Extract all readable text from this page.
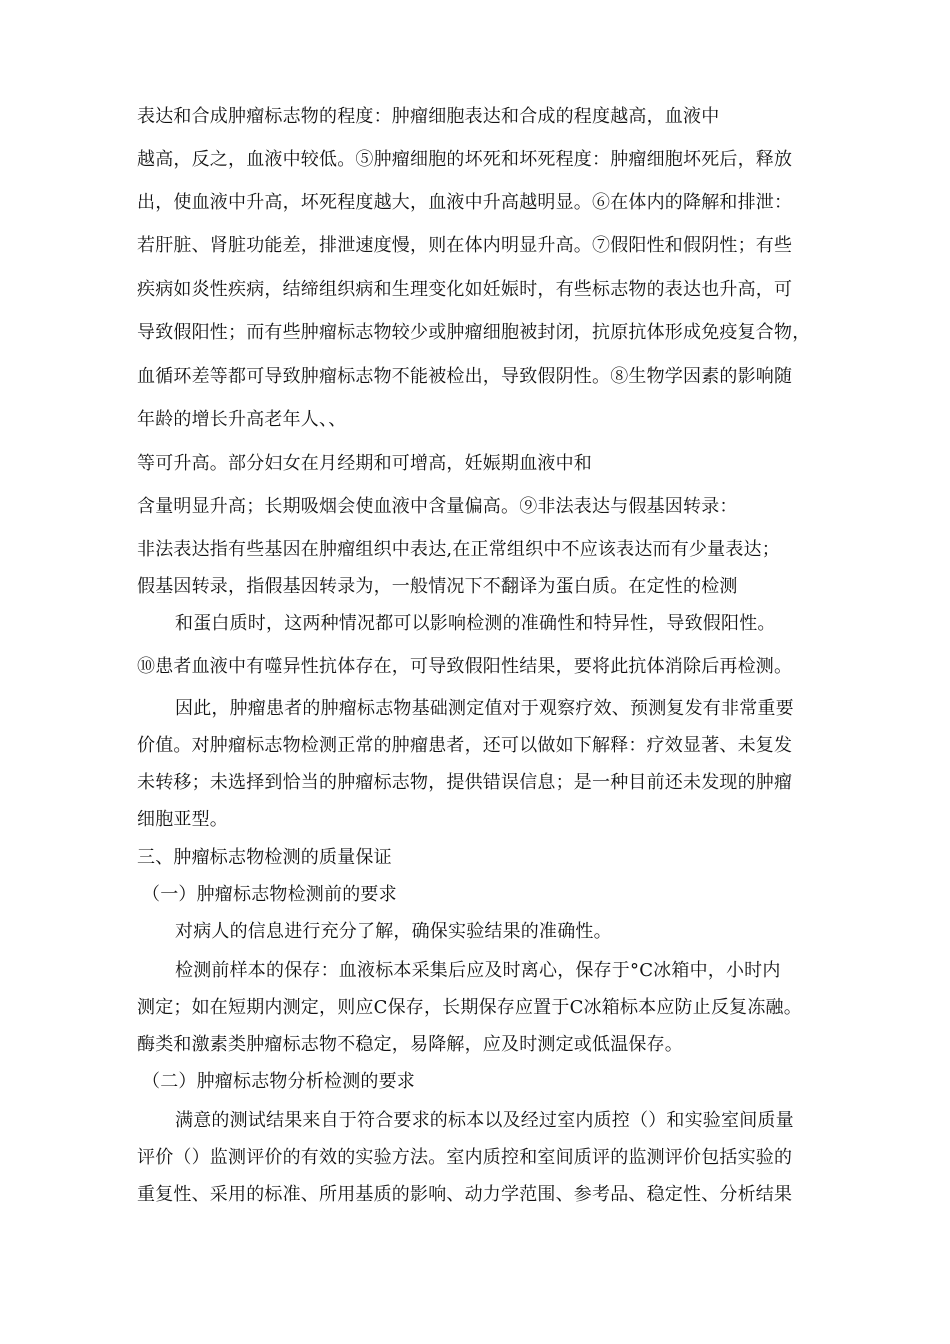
表达和合成肿瘤标志物的程度：肿瘤细胞表达和合成的程度越高，血液中
越高，反之，血液中较低。⑤肿瘤细胞的坏死和坏死程度：肿瘤细胞坏死后，释放
出，使血液中升高，坏死程度越大，血液中升高越明显。⑥在体内的降解和排泄：
若肝脏、肾脏功能差，排泄速度慢，则在体内明显升高。⑦假阳性和假阴性；有些
疾病如炎性疾病，结缔组织病和生理变化如妊娠时，有些标志物的表达也升高，可
导致假阳性；而有些肿瘤标志物较少或肿瘤细胞被封闭，抗原抗体形成免疫复合物，
血循环差等都可导致肿瘤标志物不能被检出，导致假阴性。⑧生物学因素的影响随
年龄的增长升高老年人、、
等可升高。部分妇女在月经期和可增高，妊娠期血液中和
含量明显升高；长期吸烟会使血液中含量偏高。⑨非法表达与假基因转录：
非法表达指有些基因在肿瘤组织中表达,在正常组织中不应该表达而有少量表达；
假基因转录，指假基因转录为，一般情况下不翻译为蛋白质。在定性的检测
和蛋白质时，这两种情况都可以影响检测的准确性和特异性，导致假阳性。
⑩患者血液中有噬异性抗体存在，可导致假阳性结果，要将此抗体消除后再检测。
因此，肿瘤患者的肿瘤标志物基础测定值对于观察疗效、预测复发有非常重要
价值。对肿瘤标志物检测正常的肿瘤患者，还可以做如下解释：疗效显著、未复发
未转移；未选择到恰当的肿瘤标志物，提供错误信息；是一种目前还未发现的肿瘤
细胞亚型。
三、肿瘤标志物检测的质量保证
（一）肿瘤标志物检测前的要求
对病人的信息进行充分了解，确保实验结果的准确性。
检测前样本的保存：血液标本采集后应及时离心，保存于°C冰箱中，小时内
测定；如在短期内测定，则应C保存，长期保存应置于C冰箱标本应防止反复冻融。
酶类和激素类肿瘤标志物不稳定，易降解，应及时测定或低温保存。
（二）肿瘤标志物分析检测的要求
满意的测试结果来自于符合要求的标本以及经过室内质控（）和实验室间质量
评价（）监测评价的有效的实验方法。室内质控和室间质评的监测评价包括实验的
重复性、采用的标准、所用基质的影响、动力学范围、参考品、稳定性、分析结果
